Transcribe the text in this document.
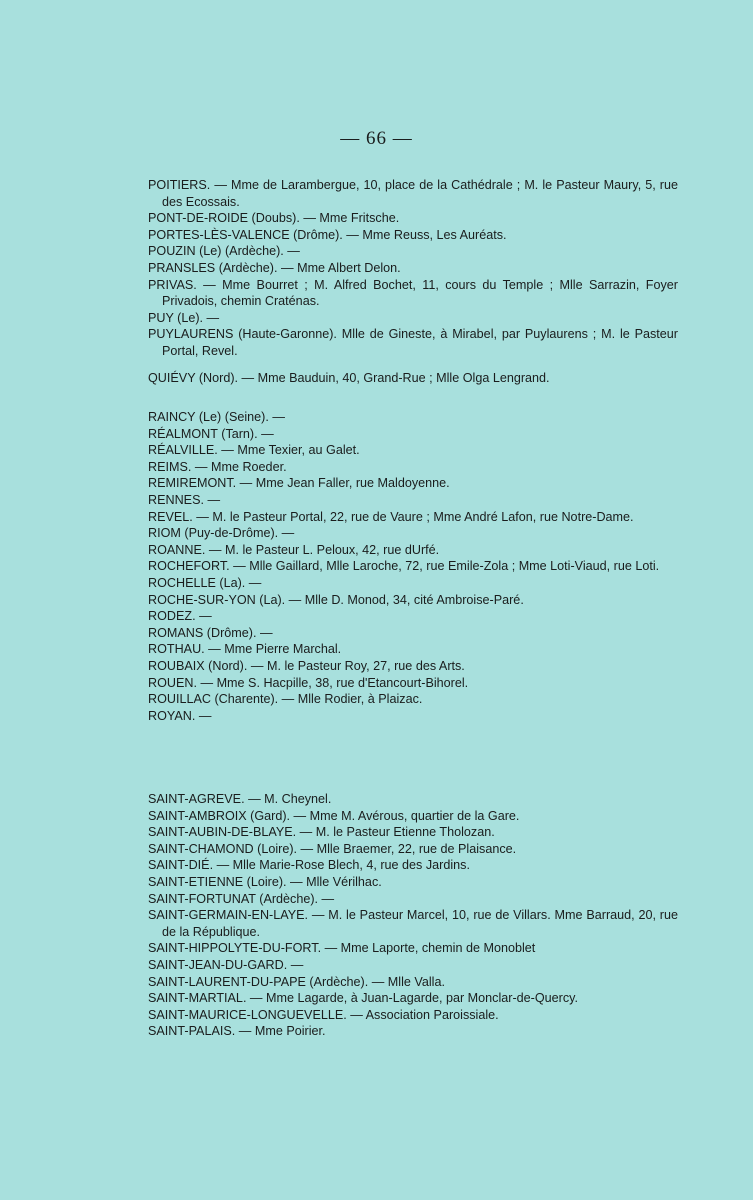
— 66 —

POITIERS. — Mme de Larambergue, 10, place de la Cathédrale ; M. le Pasteur Maury, 5, rue des Ecossais.

PONT-DE-ROIDE (Doubs). — Mme Fritsche.

PORTES-LÈS-VALENCE (Drôme). — Mme Reuss, Les Auréats.

POUZIN (Le) (Ardèche). —

PRANSLES (Ardèche). — Mme Albert Delon.

PRIVAS. — Mme Bourret ; M. Alfred Bochet, 11, cours du Temple ; Mlle Sarrazin, Foyer Privadois, chemin Craténas.

PUY (Le). —

PUYLAURENS (Haute-Garonne). Mlle de Gineste, à Mirabel, par Puylaurens ; M. le Pasteur Portal, Revel.

QUIÉVY (Nord). — Mme Bauduin, 40, Grand-Rue ; Mlle Olga Lengrand.

RAINCY (Le) (Seine). —

RÉALMONT (Tarn). —

RÉALVILLE. — Mme Texier, au Galet.

REIMS. — Mme Roeder.

REMIREMONT. — Mme Jean Faller, rue Maldoyenne.

RENNES. —

REVEL. — M. le Pasteur Portal, 22, rue de Vaure ; Mme André Lafon, rue Notre-Dame.

RIOM (Puy-de-Drôme). —

ROANNE. — M. le Pasteur L. Peloux, 42, rue dUrfé.

ROCHEFORT. — Mlle Gaillard, Mlle Laroche, 72, rue Emile-Zola ; Mme Loti-Viaud, rue Loti.

ROCHELLE (La). —

ROCHE-SUR-YON (La). — Mlle D. Monod, 34, cité Ambroise-Paré.

RODEZ. —

ROMANS (Drôme). —

ROTHAU. — Mme Pierre Marchal.

ROUBAIX (Nord). — M. le Pasteur Roy, 27, rue des Arts.

ROUEN. — Mme S. Hacpille, 38, rue d'Etancourt-Bihorel.

ROUILLAC (Charente). — Mlle Rodier, à Plaizac.

ROYAN. —

SAINT-AGREVE. — M. Cheynel.

SAINT-AMBROIX (Gard). — Mme M. Avérous, quartier de la Gare.

SAINT-AUBIN-DE-BLAYE. — M. le Pasteur Etienne Tholozan.

SAINT-CHAMOND (Loire). — Mlle Braemer, 22, rue de Plaisance.

SAINT-DIÉ. — Mlle Marie-Rose Blech, 4, rue des Jardins.

SAINT-ETIENNE (Loire). — Mlle Vérilhac.

SAINT-FORTUNAT (Ardèche). —

SAINT-GERMAIN-EN-LAYE. — M. le Pasteur Marcel, 10, rue de Villars. Mme Barraud, 20, rue de la République.

SAINT-HIPPOLYTE-DU-FORT. — Mme Laporte, chemin de Monoblet

SAINT-JEAN-DU-GARD. —

SAINT-LAURENT-DU-PAPE (Ardèche). — Mlle Valla.

SAINT-MARTIAL. — Mme Lagarde, à Juan-Lagarde, par Monclar-de-Quercy.

SAINT-MAURICE-LONGUEVELLE. — Association Paroissiale.

SAINT-PALAIS. — Mme Poirier.
